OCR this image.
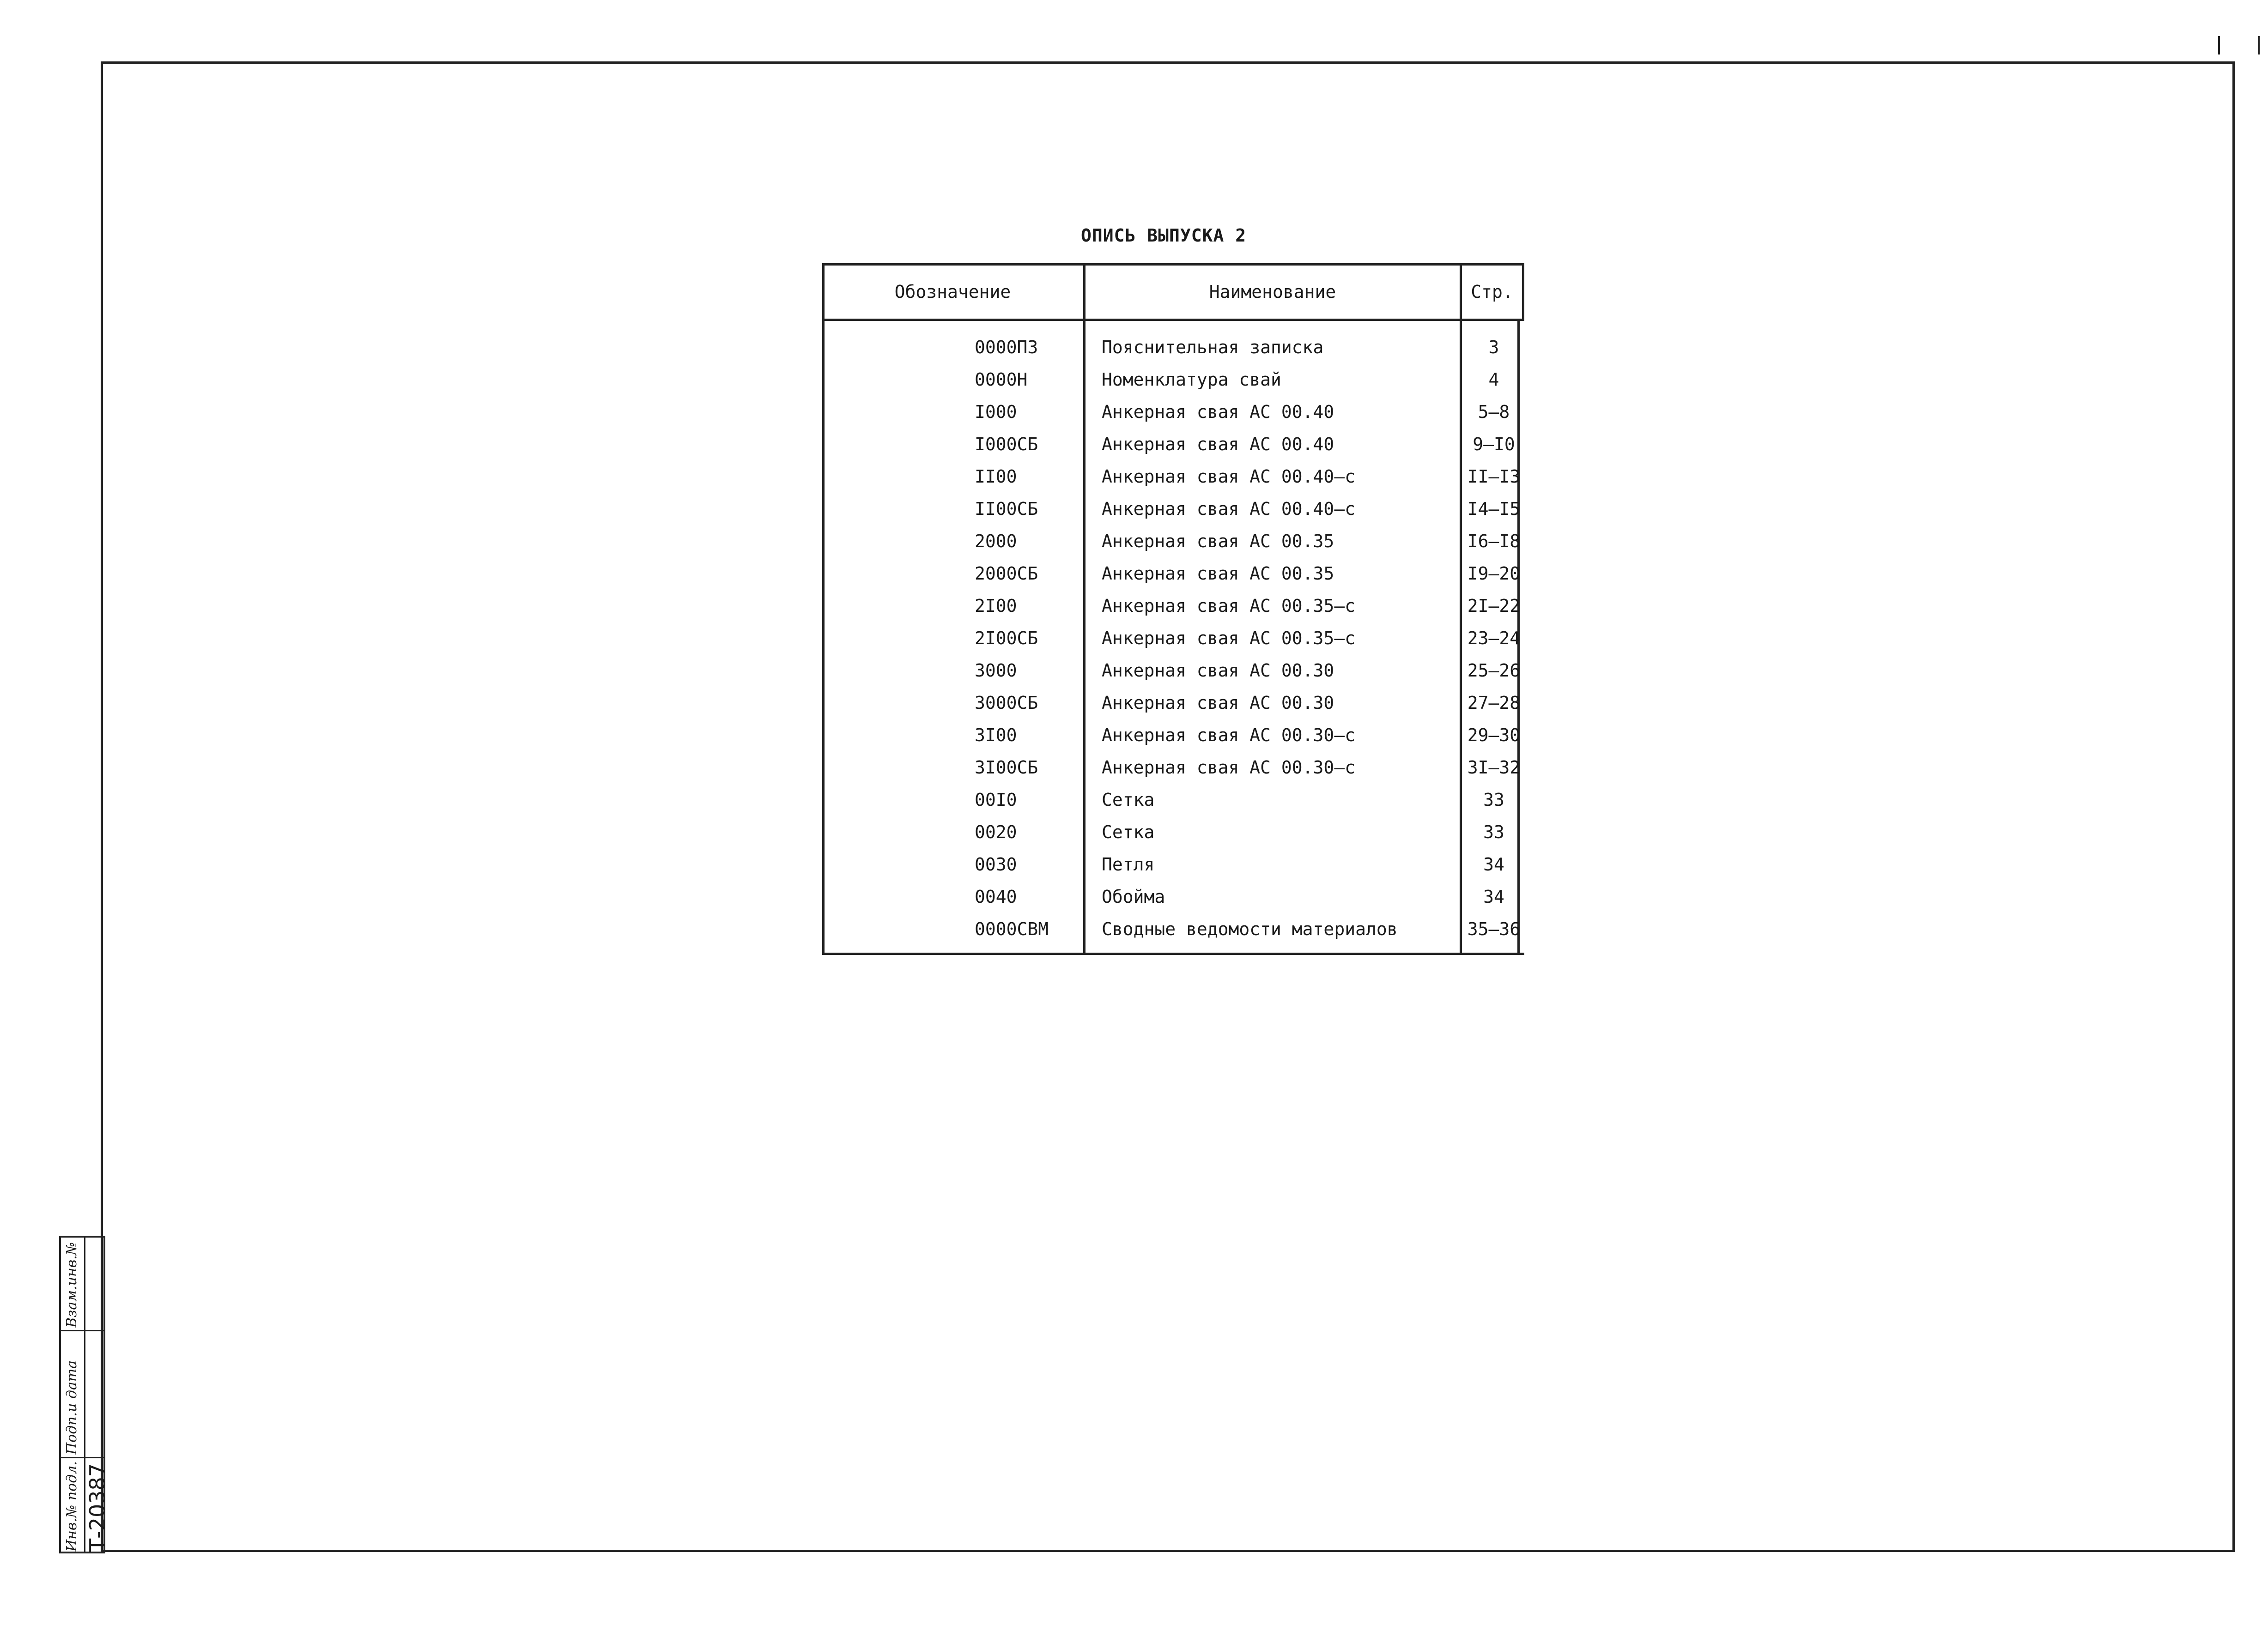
ОПИСЬ ВЫПУСКА 2
Обозначение	Наименование	Стр.
0000ПЗ	Пояснительная записка	3
0000Н	Номенклатура свай	4
I000	Анкерная свая АС 00.40	5–8
I000СБ	Анкерная свая АС 00.40	9–I0
II00	Анкерная свая АС 00.40–с	II–I3
II00СБ	Анкерная свая АС 00.40–с	I4–I5
2000	Анкерная свая АС 00.35	I6–I8
2000СБ	Анкерная свая АС 00.35	I9–20
2I00	Анкерная свая АС 00.35–с	2I–22
2I00СБ	Анкерная свая АС 00.35–с	23–24
3000	Анкерная свая АС 00.30	25–26
3000СБ	Анкерная свая АС 00.30	27–28
3I00	Анкерная свая АС 00.30–с	29–30
3I00СБ	Анкерная свая АС 00.30–с	3I–32
00I0	Сетка	33
0020	Сетка	33
0030	Петля	34
0040	Обойма	34
0000СВМ	Сводные ведомости материалов	35–36
Взам.инв.№
Подп.и дата
Инв.№ подл. Т-20387
